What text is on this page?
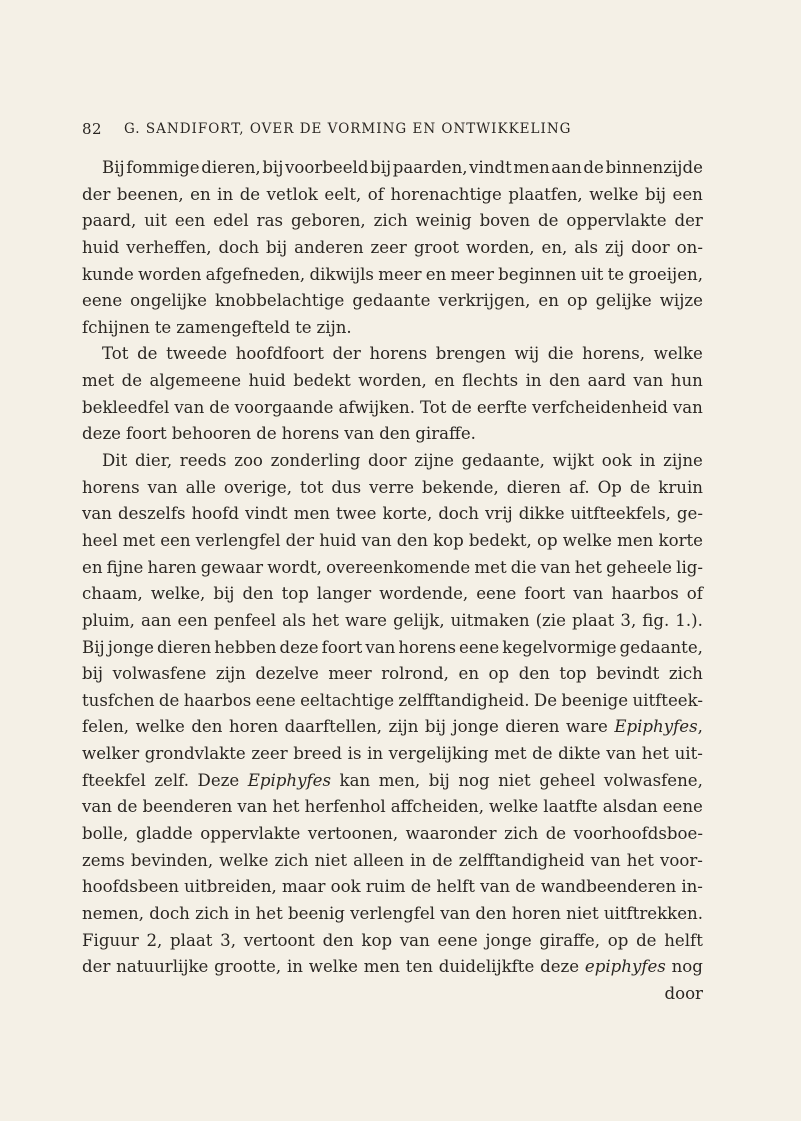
82 G. SANDIFORT, OVER DE VORMING EN ONTWIKKELING
Bij fommige dieren, bij voorbeeld bij paarden, vindt men aan de binnenzijde
der beenen, en in de vetlok eelt, of horenachtige plaatfen, welke bij een
paard, uit een edel ras geboren, zich weinig boven de oppervlakte der
huid verheffen, doch bij anderen zeer groot worden, en, als zij door on-
kunde worden afgefneden, dikwijls meer en meer beginnen uit te groeijen,
eene ongelijke knobbelachtige gedaante verkrijgen, en op gelijke wijze
fchijnen te zamengefteld te zijn.
Tot de tweede hoofdfoort der horens brengen wij die horens, welke
met de algemeene huid bedekt worden, en flechts in den aard van hun
bekleedfel van de voorgaande afwijken. Tot de eerfte verfcheidenheid van
deze foort behooren de horens van den giraffe.
Dit dier, reeds zoo zonderling door zijne gedaante, wijkt ook in zijne
horens van alle overige, tot dus verre bekende, dieren af. Op de kruin
van deszelfs hoofd vindt men twee korte, doch vrij dikke uitfteekfels, ge-
heel met een verlengfel der huid van den kop bedekt, op welke men korte
en fijne haren gewaar wordt, overeenkomende met die van het geheele lig-
chaam, welke, bij den top langer wordende, eene foort van haarbos of
pluim, aan een penfeel als het ware gelijk, uitmaken (zie plaat 3, fig. 1.).
Bij jonge dieren hebben deze foort van horens eene kegelvormige gedaante,
bij volwasfene zijn dezelve meer rolrond, en op den top bevindt zich
tusfchen de haarbos eene eeltachtige zelfftandigheid. De beenige uitfteek-
felen, welke den horen daarftellen, zijn bij jonge dieren ware Epiphyfes,
welker grondvlakte zeer breed is in vergelijking met de dikte van het uit-
fteekfel zelf. Deze Epiphyfes kan men, bij nog niet geheel volwasfene,
van de beenderen van het herfenhol affcheiden, welke laatfte alsdan eene
bolle, gladde oppervlakte vertoonen, waaronder zich de voorhoofdsboe-
zems bevinden, welke zich niet alleen in de zelfftandigheid van het voor-
hoofdsbeen uitbreiden, maar ook ruim de helft van de wandbeenderen in-
nemen, doch zich in het beenig verlengfel van den horen niet uitftrekken.
Figuur 2, plaat 3, vertoont den kop van eene jonge giraffe, op de helft
der natuurlijke grootte, in welke men ten duidelijkfte deze epiphyfes nog
door
